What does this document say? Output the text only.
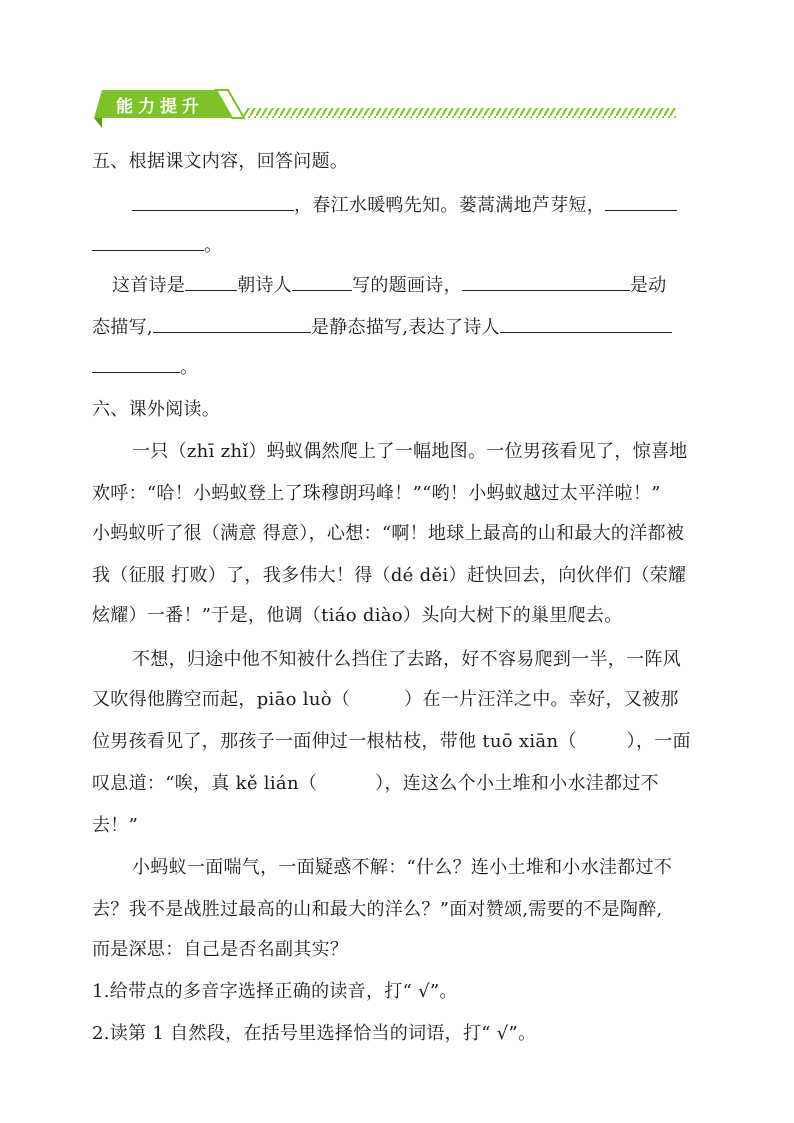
能力提升
五、根据课文内容，回答问题。
，春江水暖鸭先知。蒌蒿满地芦芽短，
。
这首诗是	朝诗人	写的题画诗，	是动
态描写,	是静态描写,表达了诗人
。
六、课外阅读。
一只（zhī zhǐ）蚂蚁偶然爬上了一幅地图。一位男孩看见了，惊喜地
欢呼：“哈！小蚂蚁登上了珠穆朗玛峰！”“哟！小蚂蚁越过太平洋啦！”
小蚂蚁听了很（满意 得意），心想：“啊！地球上最高的山和最大的洋都被
我（征服 打败）了，我多伟大！得（dé děi）赶快回去，向伙伴们（荣耀
炫耀）一番！”于是，他调（tiáo diào）头向大树下的巢里爬去。
不想，归途中他不知被什么挡住了去路，好不容易爬到一半，一阵风
又吹得他腾空而起，piāo luò（	）在一片汪洋之中。幸好，又被那
位男孩看见了，那孩子一面伸过一根枯枝，带他 tuō xiān（	），一面
叹息道：“唉，真 kě lián（	），连这么个小土堆和小水洼都过不
去！”
小蚂蚁一面喘气，一面疑惑不解：“什么？连小土堆和小水洼都过不
去？我不是战胜过最高的山和最大的洋么？”面对赞颂,需要的不是陶醉,
而是深思：自己是否名副其实？
1.给带点的多音字选择正确的读音，打“ √”。
2.读第 1 自然段，在括号里选择恰当的词语，打“ √”。
